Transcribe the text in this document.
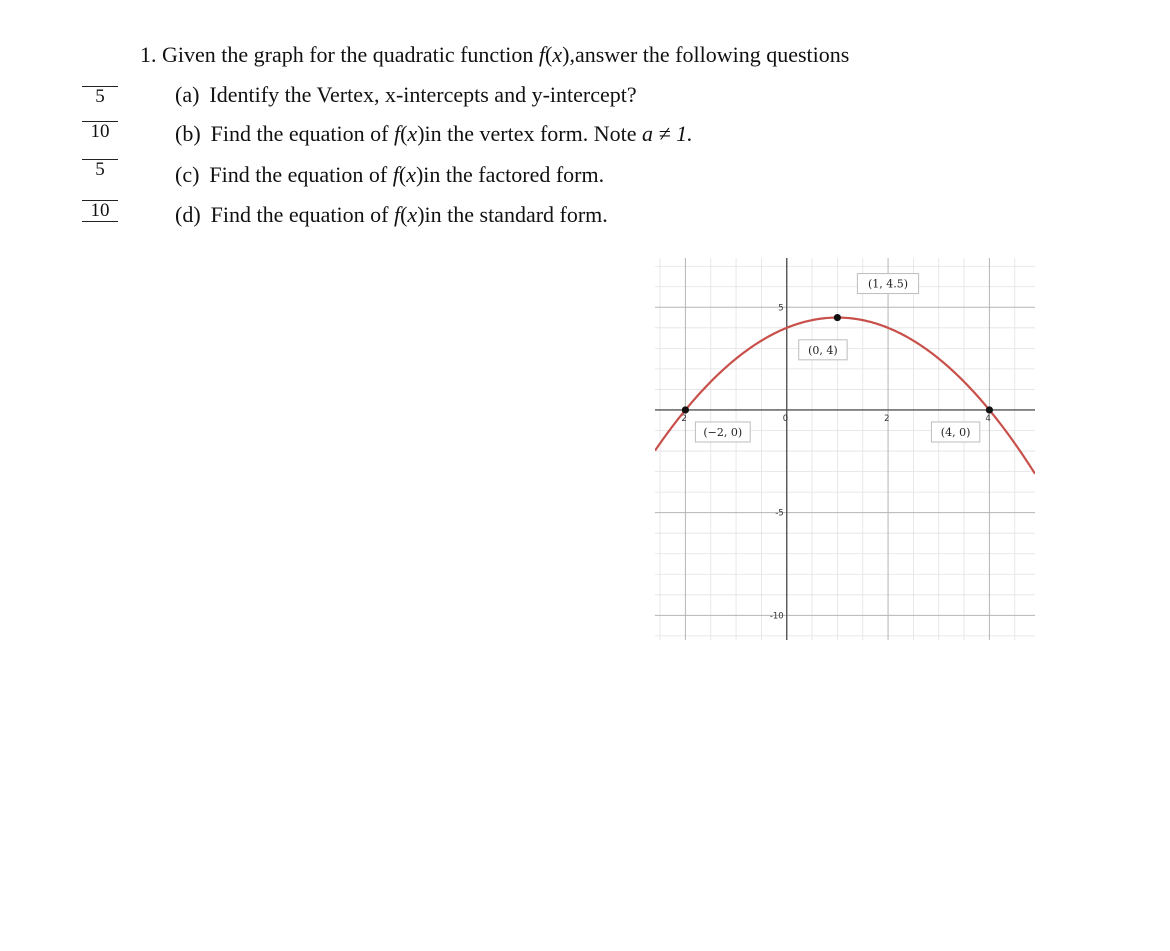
5
10
5
10
1. Given the graph for the quadratic function f(x),answer the following questions
(a) Identify the Vertex, x-intercepts and y-intercept?
(b) Find the equation of f(x)in the vertex form. Note a ≠ 1.
(c) Find the equation of f(x)in the factored form.
(d) Find the equation of f(x)in the standard form.
2	0	2	4
5
-5
-10
(1, 4.5)
(0, 4)
(−2, 0)	(4, 0)
